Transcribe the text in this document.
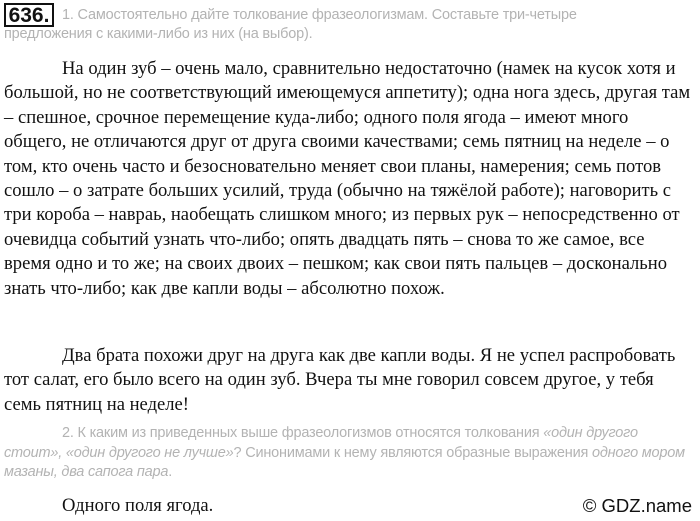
636. 1. Самостоятельно дайте толкование фразеологизмам. Составьте три-четыре
предложения с какими-либо из них (на выбор).

На один зуб – очень мало, сравнительно недостаточно (намек на кусок хотя и большой, но не соответствующий имеющемуся аппетиту); одна нога здесь, другая там – спешное, срочное перемещение куда-либо; одного поля ягода – имеют много общего, не отличаются друг от друга своими качествами; семь пятниц на неделе – о том, кто очень часто и безосновательно меняет свои планы, намерения; семь потов сошло – о затрате больших усилий, труда (обычно на тяжёлой работе); наговорить с три короба – навраь, наобещать слишком много; из первых рук – непосредственно от очевидца событий узнать что-либо; опять двадцать пять – снова то же самое, все время одно и то же; на своих двоих – пешком; как свои пять пальцев – досконально знать что-либо; как две капли воды – абсолютно похож.

Два брата похожи друг на друга как две капли воды. Я не успел распробовать тот салат, его было всего на один зуб. Вчера ты мне говорил совсем другое, у тебя семь пятниц на неделе!

2. К каким из приведенных выше фразеологизмов относятся толкования «один другого стоит», «один другого не лучше»? Синонимами к нему являются образные выражения одного мором мазаны, два сапога пара.

Одного поля ягода.	© GDZ.name
